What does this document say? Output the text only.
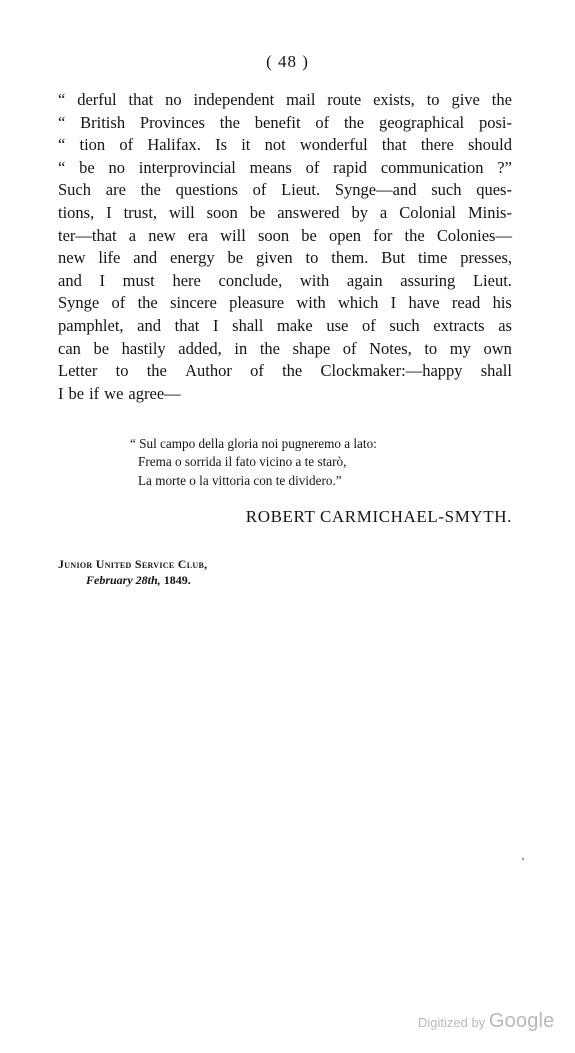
( 48 )
“ derful that no independent mail route exists, to give the
“ British Provinces the benefit of the geographical posi-
“ tion of Halifax. Is it not wonderful that there should
“ be no interprovincial means of rapid communication ?”
Such are the questions of Lieut. Synge—and such ques-
tions, I trust, will soon be answered by a Colonial Minis-
ter—that a new era will soon be open for the Colonies—
new life and energy be given to them. But time presses,
and I must here conclude, with again assuring Lieut.
Synge of the sincere pleasure with which I have read his
pamphlet, and that I shall make use of such extracts as
can be hastily added, in the shape of Notes, to my own
Letter to the Author of the Clockmaker:—happy shall
I be if we agree—
“ Sul campo della gloria noi pugneremo a lato:
Frema o sorrida il fato vicino a te starò,
La morte o la vittoria con te dividero.”
ROBERT CARMICHAEL-SMYTH.
Junior United Service Club,
February 28th, 1849.
Digitized by Google
